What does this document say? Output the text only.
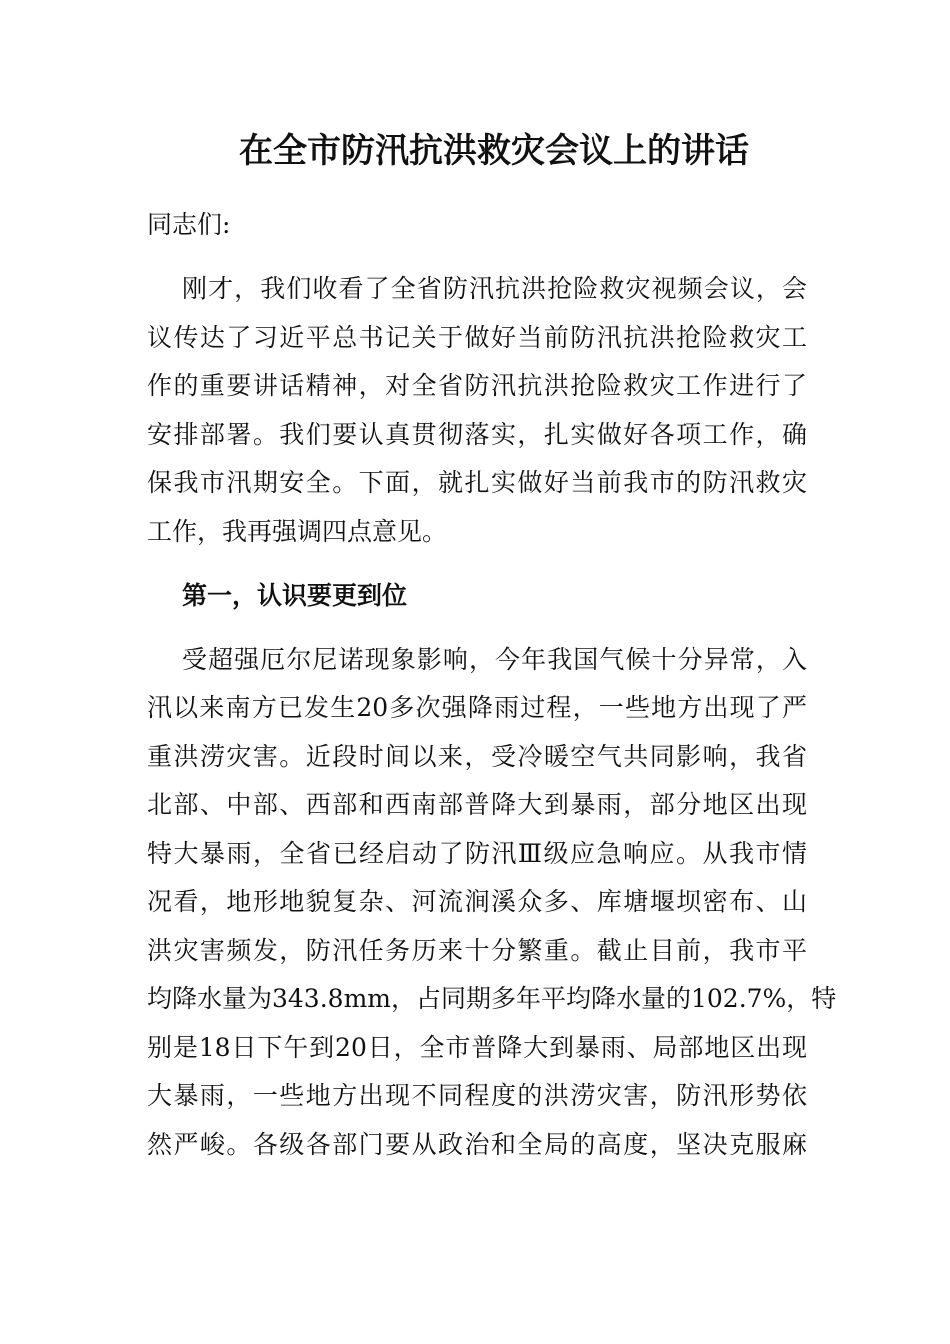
在全市防汛抗洪救灾会议上的讲话
同志们:
刚才，我们收看了全省防汛抗洪抢险救灾视频会议，会
议传达了习近平总书记关于做好当前防汛抗洪抢险救灾工
作的重要讲话精神，对全省防汛抗洪抢险救灾工作进行了
安排部署。我们要认真贯彻落实，扎实做好各项工作，确
保我市汛期安全。下面，就扎实做好当前我市的防汛救灾
工作，我再强调四点意见。
第一，认识要更到位
受超强厄尔尼诺现象影响，今年我国气候十分异常，入
汛以来南方已发生20多次强降雨过程，一些地方出现了严
重洪涝灾害。近段时间以来，受冷暖空气共同影响，我省
北部、中部、西部和西南部普降大到暴雨，部分地区出现
特大暴雨，全省已经启动了防汛Ⅲ级应急响应。从我市情
况看，地形地貌复杂、河流涧溪众多、库塘堰坝密布、山
洪灾害频发，防汛任务历来十分繁重。截止目前，我市平
均降水量为343.8mm，占同期多年平均降水量的102.7%，特
别是18日下午到20日，全市普降大到暴雨、局部地区出现
大暴雨，一些地方出现不同程度的洪涝灾害，防汛形势依
然严峻。各级各部门要从政治和全局的高度，坚决克服麻
